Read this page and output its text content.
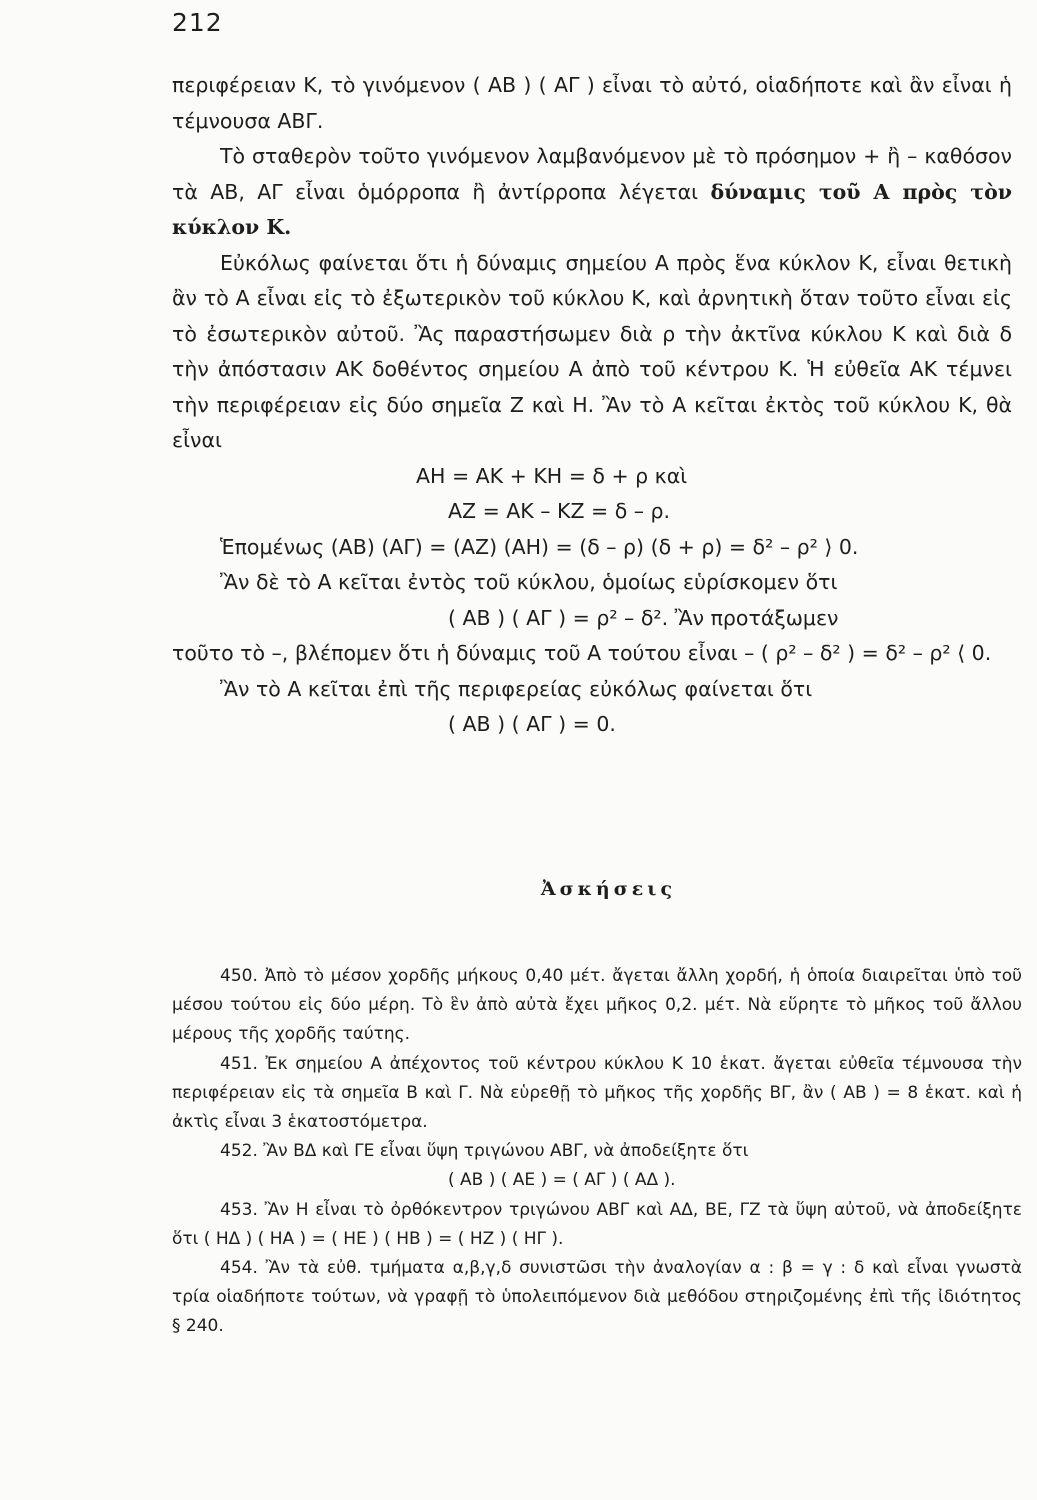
212

περιφέρειαν Κ, τὸ γινόμενον ( ΑΒ ) ( ΑΓ ) εἶναι τὸ αὐτό, οἱαδήποτε καὶ ἂν εἶναι ἡ τέμνουσα ΑΒΓ.

Τὸ σταθερὸν τοῦτο γινόμενον λαμβανόμενον μὲ τὸ πρόσημον + ἢ – καθόσον τὰ ΑΒ, ΑΓ εἶναι ὁμόρροπα ἢ ἀντίρροπα λέγεται δύναμις τοῦ Α πρὸς τὸν κύκλον Κ.

Εὐκόλως φαίνεται ὅτι ἡ δύναμις σημείου Α πρὸς ἕνα κύκλον Κ, εἶναι θετικὴ ἂν τὸ Α εἶναι εἰς τὸ ἐξωτερικὸν τοῦ κύκλου Κ, καὶ ἀρνητικὴ ὅταν τοῦτο εἶναι εἰς τὸ ἐσωτερικὸν αὐτοῦ. Ἂς παραστήσωμεν διὰ ρ τὴν ἀκτῖνα κύκλου Κ καὶ διὰ δ τὴν ἀπόστασιν ΑΚ δοθέντος σημείου Α ἀπὸ τοῦ κέντρου Κ. Ἡ εὐθεῖα ΑΚ τέμνει τὴν περιφέρειαν εἰς δύο σημεῖα Ζ καὶ Η. Ἂν τὸ Α κεῖται ἐκτὸς τοῦ κύκλου Κ, θὰ εἶναι

ΑΗ = ΑΚ + ΚΗ = δ + ρ καὶ

ΑΖ = ΑΚ – ΚΖ = δ – ρ.

Ἑπομένως (ΑΒ) (ΑΓ) = (ΑΖ) (ΑΗ) = (δ – ρ) (δ + ρ) = δ² – ρ² ⟩ 0.

Ἂν δὲ τὸ Α κεῖται ἐντὸς τοῦ κύκλου, ὁμοίως εὑρίσκομεν ὅτι

( ΑΒ ) ( ΑΓ ) = ρ² – δ². Ἂν προτάξωμεν

τοῦτο τὸ –, βλέπομεν ὅτι ἡ δύναμις τοῦ Α τούτου εἶναι – ( ρ² – δ² ) = δ² – ρ² ⟨ 0.

Ἂν τὸ Α κεῖται ἐπὶ τῆς περιφερείας εὐκόλως φαίνεται ὅτι

( ΑΒ ) ( ΑΓ ) = 0.

Ἀσκήσεις

450. Ἀπὸ τὸ μέσον χορδῆς μήκους 0,40 μέτ. ἄγεται ἄλλη χορδή, ἡ ὁποία διαιρεῖται ὑπὸ τοῦ μέσου τούτου εἰς δύο μέρη. Τὸ ἓν ἀπὸ αὐτὰ ἔχει μῆκος 0,2. μέτ. Νὰ εὕρητε τὸ μῆκος τοῦ ἄλλου μέρους τῆς χορδῆς ταύτης.

451. Ἐκ σημείου Α ἀπέχοντος τοῦ κέντρου κύκλου Κ 10 ἑκατ. ἄγεται εὐθεῖα τέμνουσα τὴν περιφέρειαν εἰς τὰ σημεῖα Β καὶ Γ. Νὰ εὑρεθῇ τὸ μῆκος τῆς χορδῆς ΒΓ, ἂν ( ΑΒ ) = 8 ἑκατ. καὶ ἡ ἀκτὶς εἶναι 3 ἑκατοστόμετρα.

452. Ἂν ΒΔ καὶ ΓΕ εἶναι ὕψη τριγώνου ΑΒΓ, νὰ ἀποδείξητε ὅτι

( ΑΒ ) ( ΑΕ ) = ( ΑΓ ) ( ΑΔ ).

453. Ἂν Η εἶναι τὸ ὀρθόκεντρον τριγώνου ΑΒΓ καὶ ΑΔ, ΒΕ, ΓΖ τὰ ὕψη αὐτοῦ, νὰ ἀποδείξητε ὅτι ( ΗΔ ) ( ΗΑ ) = ( ΗΕ ) ( ΗΒ ) = ( ΗΖ ) ( ΗΓ ).

454. Ἂν τὰ εὐθ. τμήματα α,β,γ,δ συνιστῶσι τὴν ἀναλογίαν α : β = γ : δ καὶ εἶναι γνωστὰ τρία οἱαδήποτε τούτων, νὰ γραφῇ τὸ ὑπολειπόμενον διὰ μεθόδου στηριζομένης ἐπὶ τῆς ἰδιότητος § 240.
